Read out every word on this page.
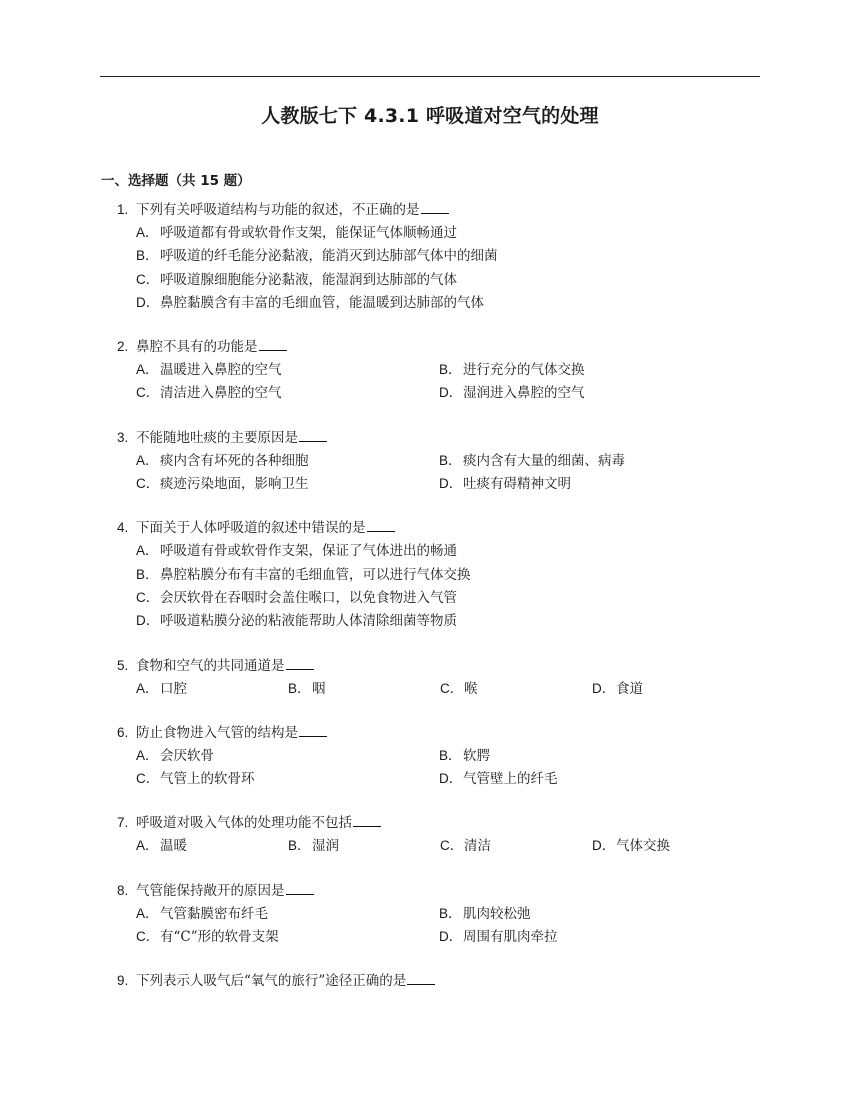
人教版七下 4.3.1 呼吸道对空气的处理
一、选择题（共 15 题）
1. 下列有关呼吸道结构与功能的叙述，不正确的是
A．呼吸道都有骨或软骨作支架，能保证气体顺畅通过
B．呼吸道的纤毛能分泌黏液，能消灭到达肺部气体中的细菌
C．呼吸道腺细胞能分泌黏液，能湿润到达肺部的气体
D．鼻腔黏膜含有丰富的毛细血管，能温暖到达肺部的气体
2. 鼻腔不具有的功能是
A．温暖进入鼻腔的空气	B．进行充分的气体交换
C．清洁进入鼻腔的空气	D．湿润进入鼻腔的空气
3. 不能随地吐痰的主要原因是
A．痰内含有坏死的各种细胞	B．痰内含有大量的细菌、病毒
C．痰迹污染地面，影响卫生	D．吐痰有碍精神文明
4. 下面关于人体呼吸道的叙述中错误的是
A．呼吸道有骨或软骨作支架，保证了气体进出的畅通
B．鼻腔粘膜分布有丰富的毛细血管，可以进行气体交换
C．会厌软骨在吞咽时会盖住喉口，以免食物进入气管
D．呼吸道粘膜分泌的粘液能帮助人体清除细菌等物质
5. 食物和空气的共同通道是
A．口腔	B．咽	C．喉	D．食道
6. 防止食物进入气管的结构是
A．会厌软骨	B．软腭
C．气管上的软骨环	D．气管壁上的纤毛
7. 呼吸道对吸入气体的处理功能不包括
A．温暖	B．湿润	C．清洁	D．气体交换
8. 气管能保持敞开的原因是
A．气管黏膜密布纤毛	B．肌肉较松弛
C．有“C”形的软骨支架	D．周围有肌肉牵拉
9. 下列表示人吸气后“氧气的旅行”途径正确的是
